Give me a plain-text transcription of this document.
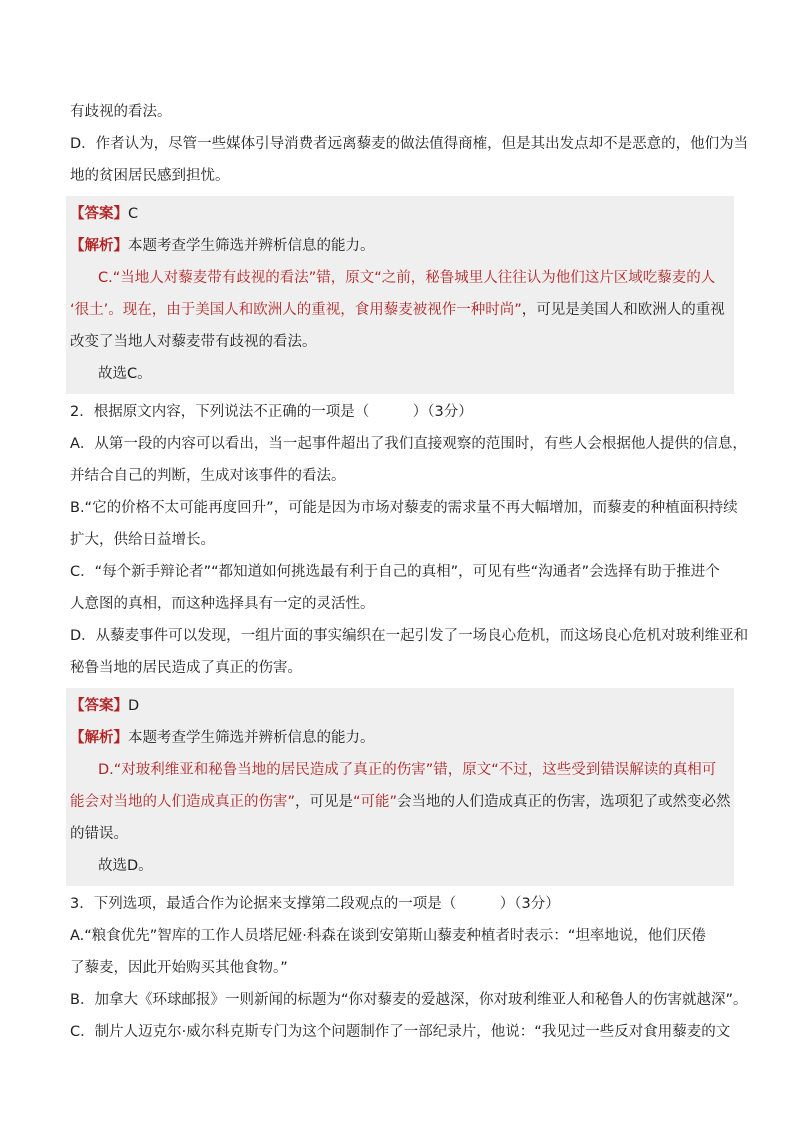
有歧视的看法。

D．作者认为，尽管一些媒体引导消费者远离藜麦的做法值得商榷，但是其出发点却不是恶意的，他们为当

地的贫困居民感到担忧。

【答案】C

【解析】本题考查学生筛选并辨析信息的能力。

C.“当地人对藜麦带有歧视的看法”错，原文“之前，秘鲁城里人往往认为他们这片区域吃藜麦的人

‘很土’。现在，由于美国人和欧洲人的重视，食用藜麦被视作一种时尚”，可见是美国人和欧洲人的重视

改变了当地人对藜麦带有歧视的看法。

故选C。

2．根据原文内容，下列说法不正确的一项是（　　　）（3分）

A．从第一段的内容可以看出，当一起事件超出了我们直接观察的范围时，有些人会根据他人提供的信息，

并结合自己的判断，生成对该事件的看法。

B.“它的价格不太可能再度回升”，可能是因为市场对藜麦的需求量不再大幅增加，而藜麦的种植面积持续

扩大，供给日益增长。

C．“每个新手辩论者”“都知道如何挑选最有利于自己的真相”，可见有些“沟通者”会选择有助于推进个

人意图的真相，而这种选择具有一定的灵活性。

D．从藜麦事件可以发现，一组片面的事实编织在一起引发了一场良心危机，而这场良心危机对玻利维亚和

秘鲁当地的居民造成了真正的伤害。

【答案】D

【解析】本题考查学生筛选并辨析信息的能力。

D.“对玻利维亚和秘鲁当地的居民造成了真正的伤害”错，原文“不过，这些受到错误解读的真相可

能会对当地的人们造成真正的伤害”，可见是“可能”会当地的人们造成真正的伤害，选项犯了或然变必然

的错误。

故选D。

3．下列选项，最适合作为论据来支撑第二段观点的一项是（　　　）（3分）

A.“粮食优先”智库的工作人员塔尼娅·科森在谈到安第斯山藜麦种植者时表示：“坦率地说，他们厌倦

了藜麦，因此开始购买其他食物。”

B．加拿大《环球邮报》一则新闻的标题为“你对藜麦的爱越深，你对玻利维亚人和秘鲁人的伤害就越深”。

C．制片人迈克尔·威尔科克斯专门为这个问题制作了一部纪录片，他说：“我见过一些反对食用藜麦的文
